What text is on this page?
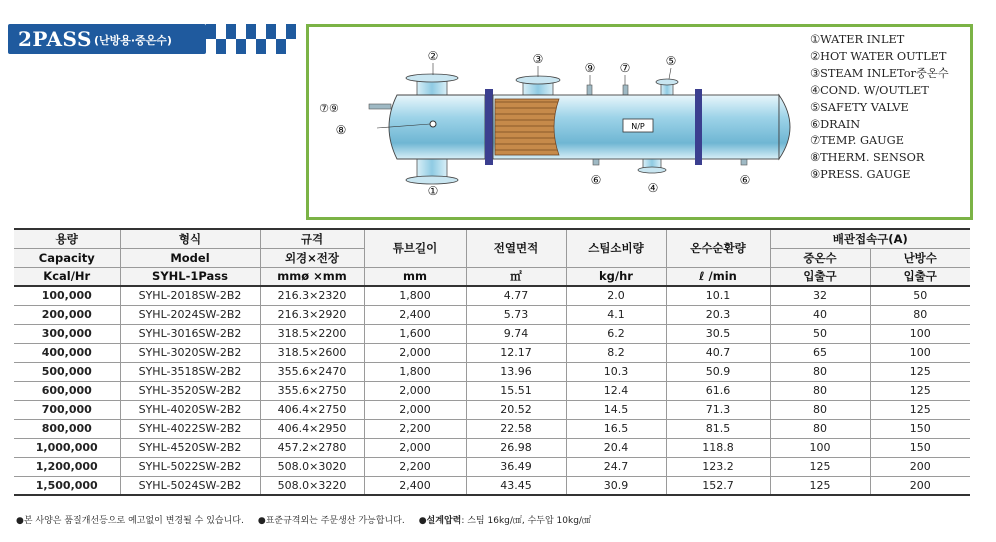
2PASS (난방용·중온수)
N/P
②	③
⑨ ⑦	⑤
⑦⑨
⑧
①
⑥
④
⑥
①WATER INLET
②HOT WATER OUTLET
③STEAM INLETor중온수
④COND. W/OUTLET
⑤SAFETY VALVE
⑥DRAIN
⑦TEMP. GAUGE
⑧THERM. SENSOR
⑨PRESS. GAUGE
용량	형식	규격	튜브길이	전열면적	스팀소비량	온수순환량	배관접속구(A)	
Capacity	Model	외경×전장					중온수	난방수
Kcal/Hr	SYHL-1Pass	mmø ×mm	mm	㎡	kg/hr	ℓ /min	입출구	입출구
100,000	SYHL-2018SW-2B2	216.3×2320	1,800	4.77	2.0	10.1	32	50
200,000	SYHL-2024SW-2B2	216.3×2920	2,400	5.73	4.1	20.3	40	80
300,000	SYHL-3016SW-2B2	318.5×2200	1,600	9.74	6.2	30.5	50	100
400,000	SYHL-3020SW-2B2	318.5×2600	2,000	12.17	8.2	40.7	65	100
500,000	SYHL-3518SW-2B2	355.6×2470	1,800	13.96	10.3	50.9	80	125
600,000	SYHL-3520SW-2B2	355.6×2750	2,000	15.51	12.4	61.6	80	125
700,000	SYHL-4020SW-2B2	406.4×2750	2,000	20.52	14.5	71.3	80	125
800,000	SYHL-4022SW-2B2	406.4×2950	2,200	22.58	16.5	81.5	80	150
1,000,000	SYHL-4520SW-2B2	457.2×2780	2,000	26.98	20.4	118.8	100	150
1,200,000	SYHL-5022SW-2B2	508.0×3020	2,200	36.49	24.7	123.2	125	200
1,500,000	SYHL-5024SW-2B2	508.0×3220	2,400	43.45	30.9	152.7	125	200
●본 사양은 품질개선등으로 예고없이 변경될 수 있습니다. ●표준규격외는 주문생산 가능합니다. ●설계압력: 스팀 16kg/㎠, 수두압 10kg/㎠
